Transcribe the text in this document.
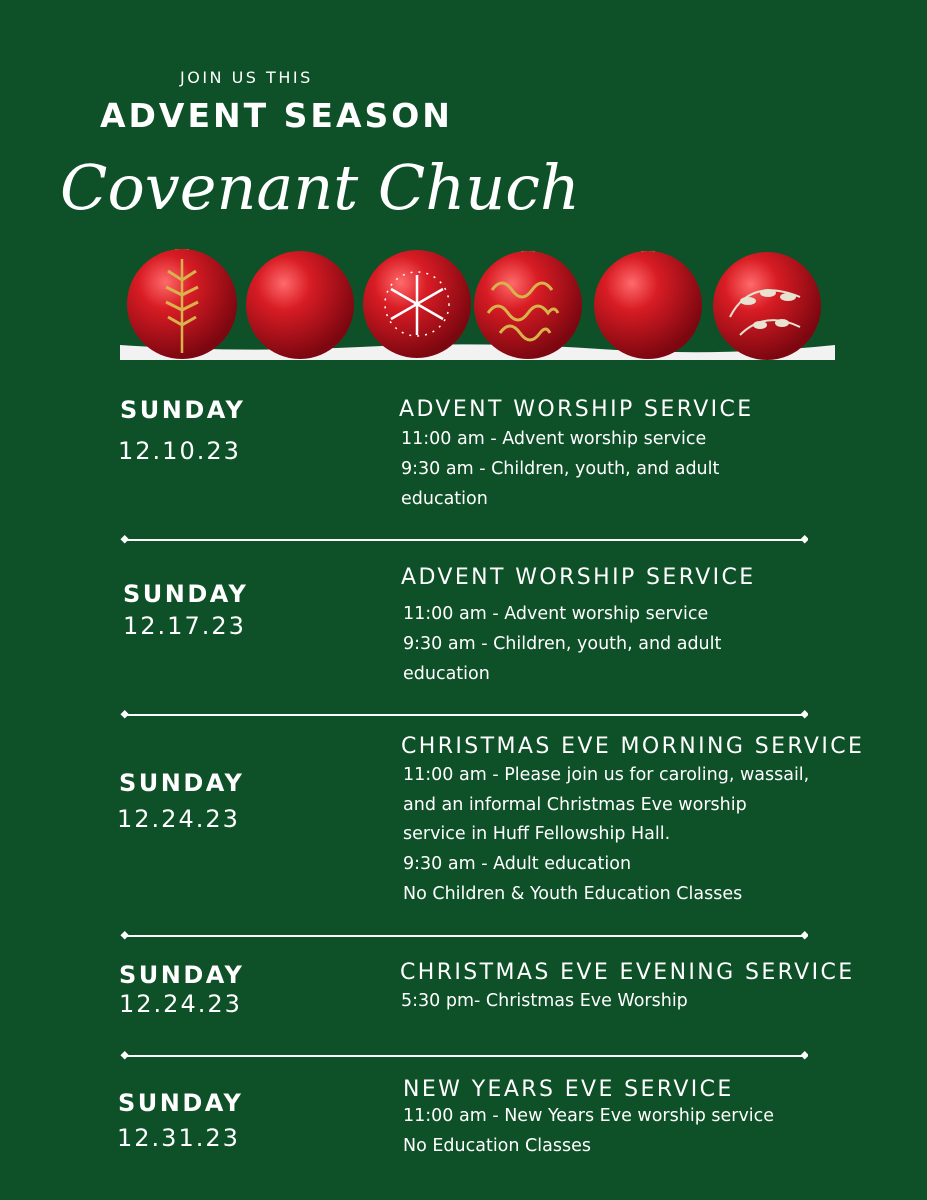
JOIN US THIS
ADVENT SEASON
Covenant Chuch
SUNDAY
12.10.23
ADVENT WORSHIP SERVICE
11:00 am - Advent worship service
9:30 am - Children, youth, and adult
education
SUNDAY
12.17.23
ADVENT WORSHIP SERVICE
11:00 am - Advent worship service
9:30 am - Children, youth, and adult
education
SUNDAY
12.24.23
CHRISTMAS EVE MORNING SERVICE
11:00 am - Please join us for caroling, wassail,
and an informal Christmas Eve worship
service in Huff Fellowship Hall.
9:30 am - Adult education
No Children & Youth Education Classes
SUNDAY
12.24.23
CHRISTMAS EVE EVENING SERVICE
5:30 pm- Christmas Eve Worship
SUNDAY
12.31.23
NEW YEARS EVE SERVICE
11:00 am - New Years Eve worship service
No Education Classes
